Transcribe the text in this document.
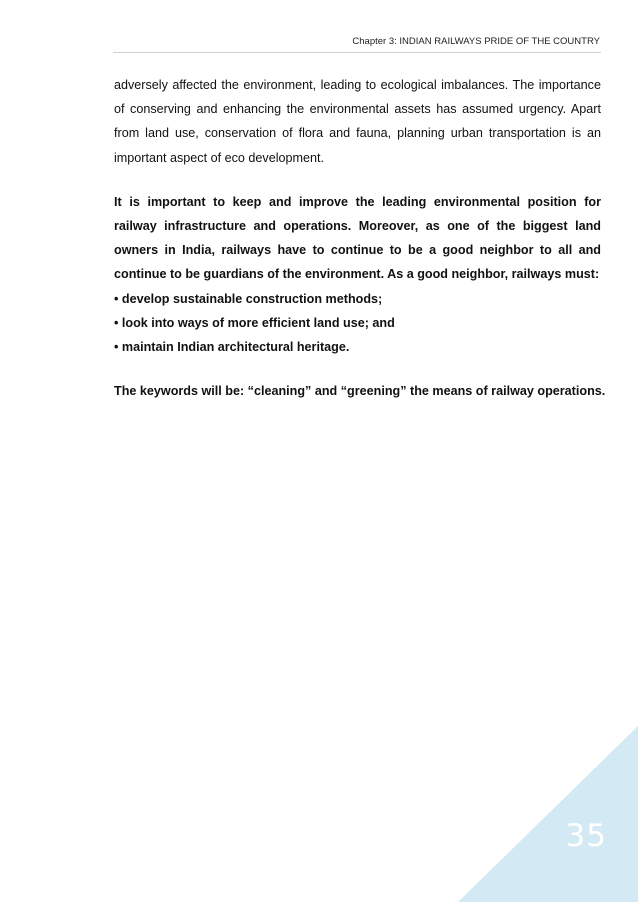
Chapter 3: INDIAN RAILWAYS PRIDE OF THE COUNTRY

adversely affected the environment, leading to ecological imbalances. The importance of conserving and enhancing the environmental assets has assumed urgency. Apart from land use, conservation of flora and fauna, planning urban transportation is an important aspect of eco development.

It is important to keep and improve the leading environmental position for railway infrastructure and operations. Moreover, as one of the biggest land owners in India, railways have to continue to be a good neighbor to all and continue to be guardians of the environment. As a good neighbor, railways must:

• develop sustainable construction methods;

• look into ways of more efficient land use; and

• maintain Indian architectural heritage.

The keywords will be: “cleaning” and “greening” the means of railway operations.

35
